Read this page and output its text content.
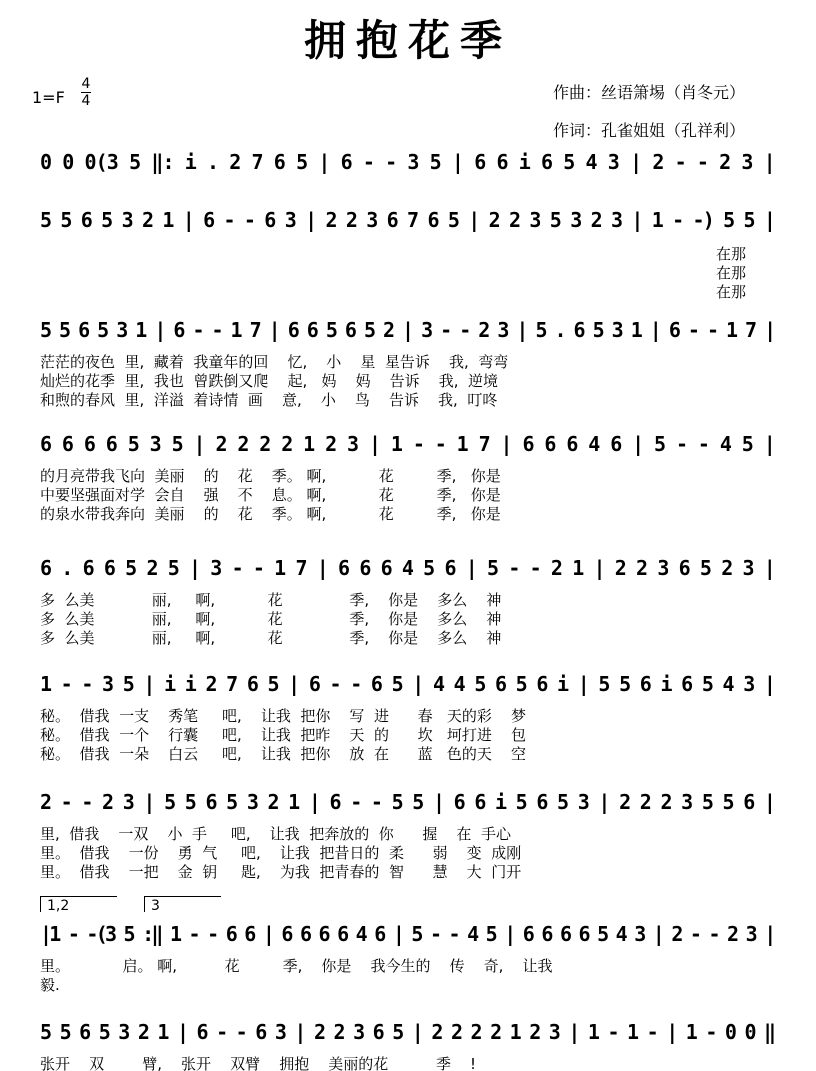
拥抱花季
1=F
4
4	作曲：丝语箫埸（肖冬元）
作词：孔雀姐姐（孔祥利）
0 0 0(3 5 ‖: i . 2 7 6 5 | 6 - - 3 5 | 6 6 i 6 5 4 3 | 2 - - 2 3 |
5 5 6 5 3 2 1 | 6 - - 6 3 | 2 2 3 6 7 6 5 | 2 2 3 5 3 2 3 | 1 - -) 5 5 |
在那
在那
在那
5 5 6 5 3 1 | 6 - - 1 7 | 6 6 5 6 5 2 | 3 - - 2 3 | 5 . 6 5 3 1 | 6 - - 1 7 |
茫茫的夜色  里,  藏着  我童年的回    忆,    小    星  星告诉    我,  弯弯
灿烂的花季  里,  我也  曾跌倒又爬    起,   妈    妈    告诉    我,  逆境
和煦的春风  里,  洋溢  着诗情  画    意,    小    鸟    告诉    我,  叮咚
6 6 6 6 5 3 5 | 2 2 2 2 1 2 3 | 1 - - 1 7 | 6 6 6 4 6 | 5 - - 4 5 |
的月亮带我飞向  美丽    的    花    季。 啊,           花         季,   你是
中要坚强面对学  会自    强    不    息。 啊,           花         季,   你是
的泉水带我奔向  美丽    的    花    季。 啊,           花         季,   你是
6 . 6 6 5 2 5 | 3 - - 1 7 | 6 6 6 4 5 6 | 5 - - 2 1 | 2 2 3 6 5 2 3 |
多  么美            丽,     啊,           花              季,    你是    多么    神
多  么美            丽,     啊,           花              季,    你是    多么    神
多  么美            丽,     啊,           花              季,    你是    多么    神
1 - - 3 5 | i i 2 7 6 5 | 6 - - 6 5 | 4 4 5 6 5 6 i | 5 5 6 i 6 5 4 3 |
秘。  借我  一支    秀笔     吧,    让我  把你    写  进      春   天的彩    梦
秘。  借我  一个    行囊     吧,    让我  把昨    天  的      坎   坷打进    包
秘。  借我  一朵    白云     吧,    让我  把你    放  在      蓝   色的天    空
2 - - 2 3 | 5 5 6 5 3 2 1 | 6 - - 5 5 | 6 6 i 5 6 5 3 | 2 2 2 3 5 5 6 |
里,  借我    一双    小  手     吧,    让我  把奔放的  你      握    在  手心
里。  借我    一份    勇  气     吧,    让我  把昔日的  柔      弱    变  成刚
里。  借我    一把    金  钥     匙,    为我  把青春的  智      慧    大  门开
|1 - -(3 5 :‖ 1 - - 6 6 | 6 6 6 6 4 6 | 5 - - 4 5 | 6 6 6 6 5 4 3 | 2 - - 2 3 |
1,2	3
里。           启。 啊,          花         季,    你是    我今生的    传    奇,    让我
毅.
5 5 6 5 3 2 1 | 6 - - 6 3 | 2 2 3 6 5 | 2 2 2 2 1 2 3 | 1 - 1 - | 1 - 0 0 ‖
张开    双        臂,    张开    双臂    拥抱    美丽的花          季    !
